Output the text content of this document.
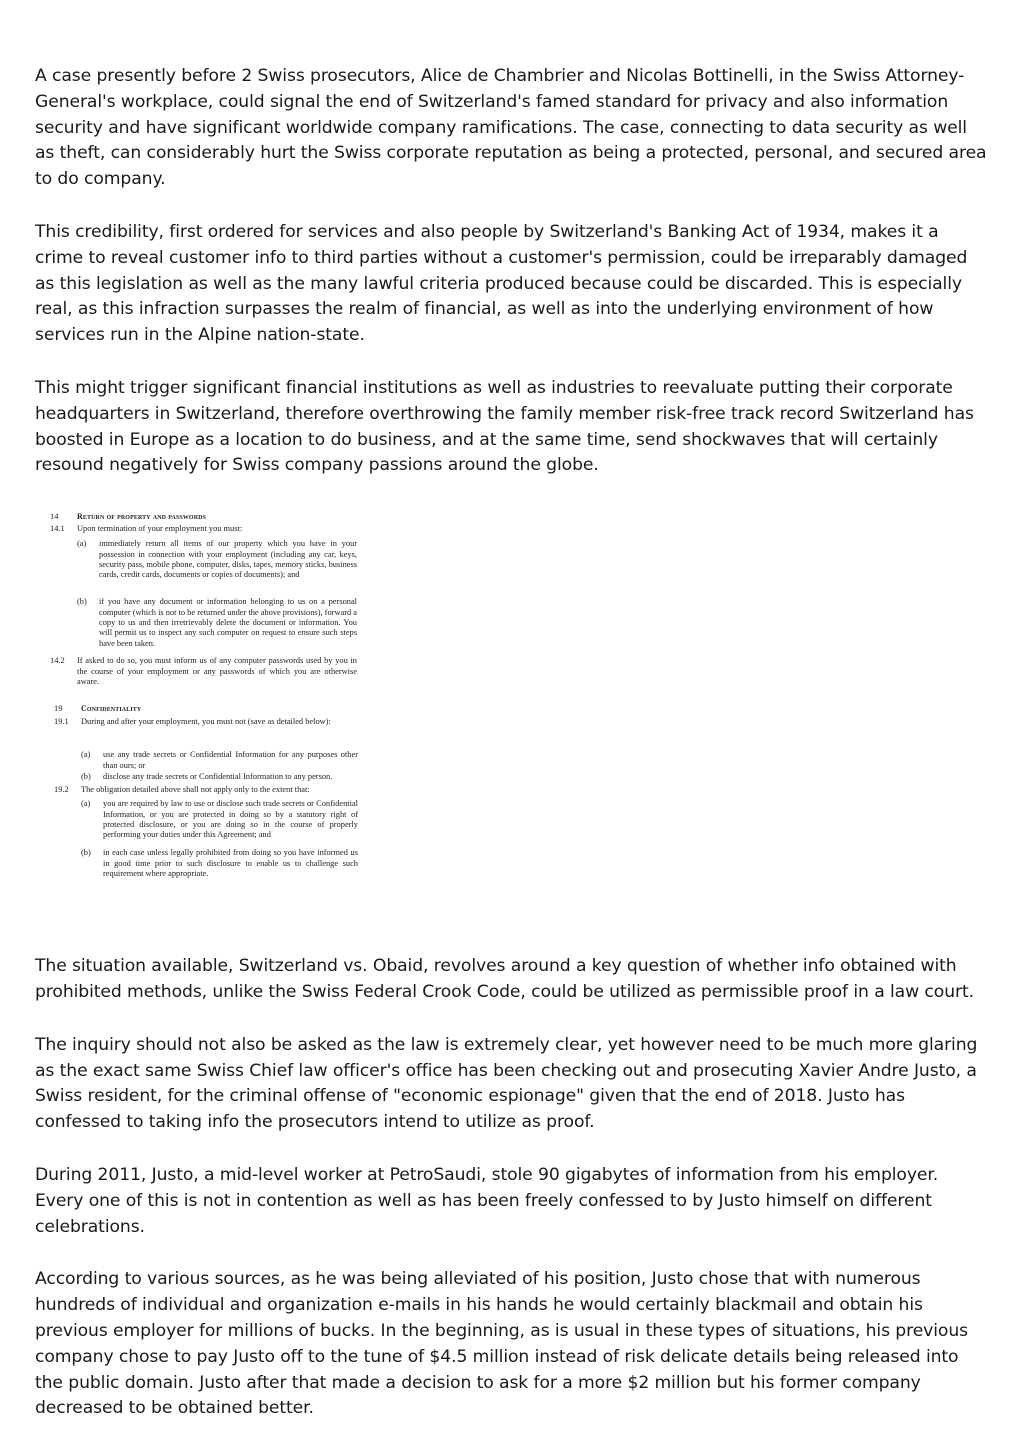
A case presently before 2 Swiss prosecutors, Alice de Chambrier and Nicolas Bottinelli, in the Swiss Attorney-General's workplace, could signal the end of Switzerland's famed standard for privacy and also information security and have significant worldwide company ramifications. The case, connecting to data security as well as theft, can considerably hurt the Swiss corporate reputation as being a protected, personal, and secured area to do company.

This credibility, first ordered for services and also people by Switzerland's Banking Act of 1934, makes it a crime to reveal customer info to third parties without a customer's permission, could be irreparably damaged as this legislation as well as the many lawful criteria produced because could be discarded. This is especially real, as this infraction surpasses the realm of financial, as well as into the underlying environment of how services run in the Alpine nation-state.

This might trigger significant financial institutions as well as industries to reevaluate putting their corporate headquarters in Switzerland, therefore overthrowing the family member risk-free track record Switzerland has boosted in Europe as a location to do business, and at the same time, send shockwaves that will certainly resound negatively for Swiss company passions around the globe.

14 Return of property and passwords
14.1 Upon termination of your employment you must:
(a) immediately return all items of our property which you have in your possession in connection with your employment (including any car, keys, security pass, mobile phone, computer, disks, tapes, memory sticks, business cards, credit cards, documents or copies of documents); and
(b) if you have any document or information belonging to us on a personal computer (which is not to be returned under the above provisions), forward a copy to us and then irretrievably delete the document or information. You will permit us to inspect any such computer on request to ensure such steps have been taken.
14.2 If asked to do so, you must inform us of any computer passwords used by you in the course of your employment or any passwords of which you are otherwise aware.
19 Confidentiality
19.1 During and after your employment, you must not (save as detailed below):
(a) use any trade secrets or Confidential Information for any purposes other than ours; or
(b) disclose any trade secrets or Confidential Information to any person.
19.2 The obligation detailed above shall not apply only to the extent that:
(a) you are required by law to use or disclose such trade secrets or Confidential Information, or you are protected in doing so by a statutory right of protected disclosure, or you are doing so in the course of properly performing your duties under this Agreement; and
(b) in each case unless legally prohibited from doing so you have informed us in good time prior to such disclosure to enable us to challenge such requirement where appropriate.

The situation available, Switzerland vs. Obaid, revolves around a key question of whether info obtained with prohibited methods, unlike the Swiss Federal Crook Code, could be utilized as permissible proof in a law court.

The inquiry should not also be asked as the law is extremely clear, yet however need to be much more glaring as the exact same Swiss Chief law officer's office has been checking out and prosecuting Xavier Andre Justo, a Swiss resident, for the criminal offense of "economic espionage" given that the end of 2018. Justo has confessed to taking info the prosecutors intend to utilize as proof.

During 2011, Justo, a mid-level worker at PetroSaudi, stole 90 gigabytes of information from his employer. Every one of this is not in contention as well as has been freely confessed to by Justo himself on different celebrations.

According to various sources, as he was being alleviated of his position, Justo chose that with numerous hundreds of individual and organization e-mails in his hands he would certainly blackmail and obtain his previous employer for millions of bucks. In the beginning, as is usual in these types of situations, his previous company chose to pay Justo off to the tune of $4.5 million instead of risk delicate details being released into the public domain. Justo after that made a decision to ask for a more $2 million but his former company decreased to be obtained better.
